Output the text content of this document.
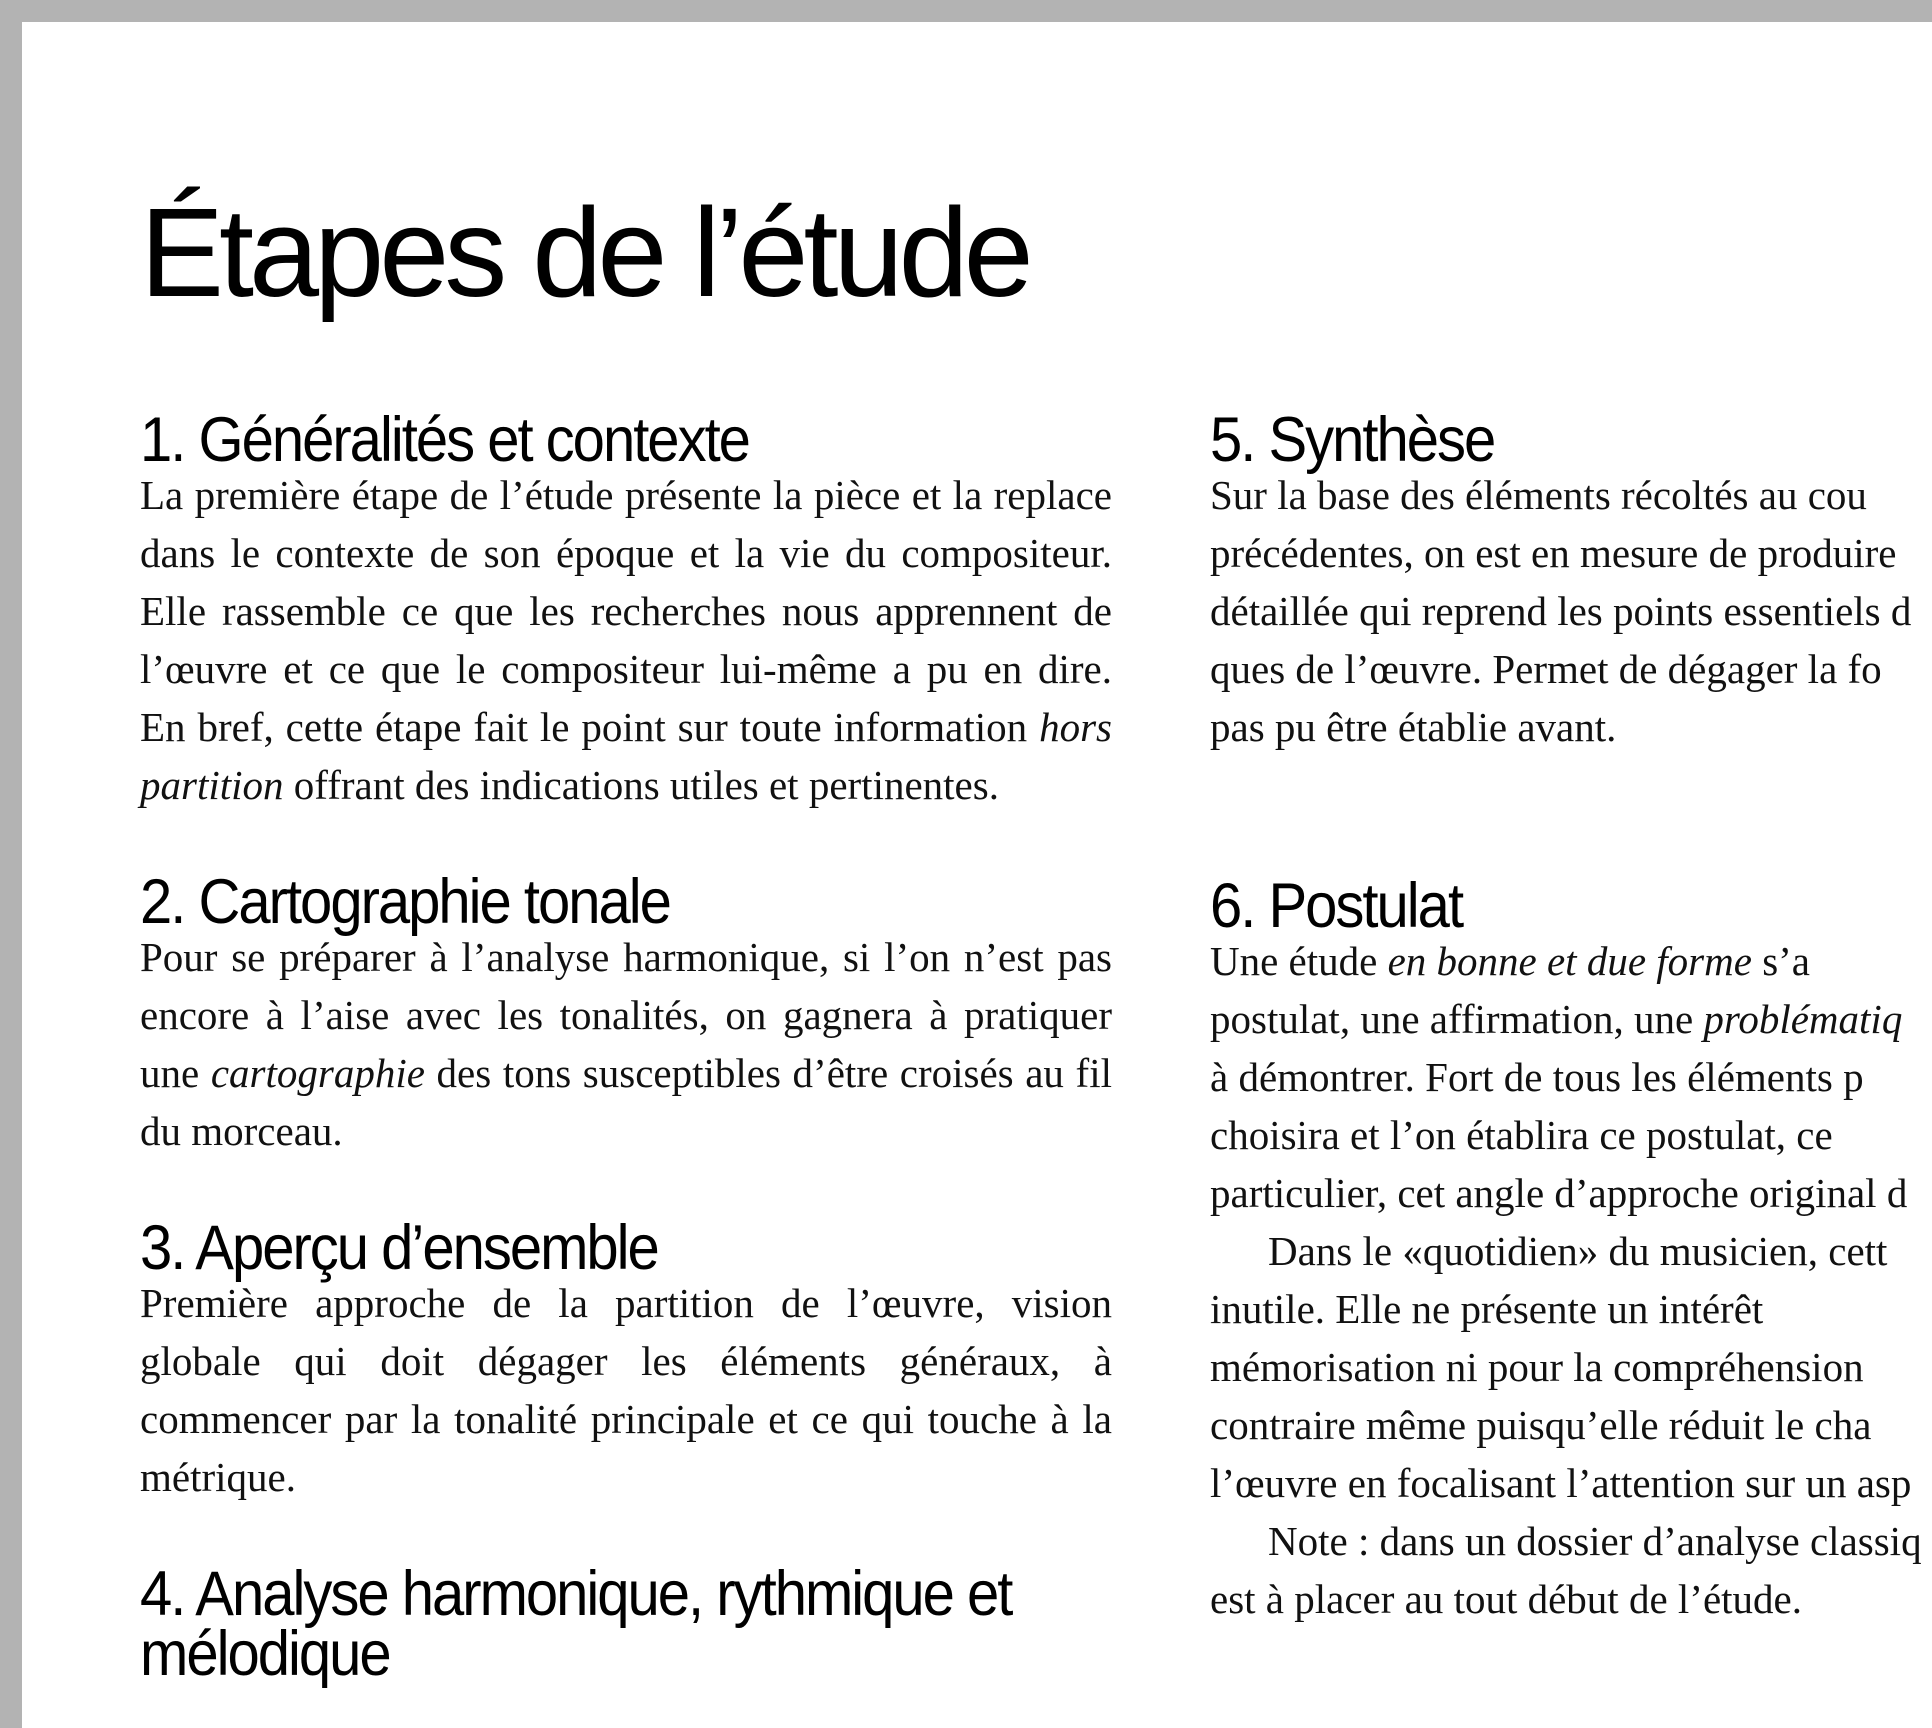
Étapes de l’étude
1. Généralités et contexte

La première étape de l’étude présente la pièce et la replace dans le contexte de son époque et la vie du compositeur. Elle rassemble ce que les recherches nous apprennent de l’œuvre et ce que le compositeur lui-même a pu en dire. En bref, cette étape fait le point sur toute information hors partition offrant des indications utiles et pertinentes.

2. Cartographie tonale

Pour se préparer à l’analyse harmonique, si l’on n’est pas encore à l’aise avec les tonalités, on gagnera à pratiquer une cartographie des tons susceptibles d’être croisés au fil du morceau.

3. Aperçu d’ensemble

Première approche de la partition de l’œuvre, vision globale qui doit dégager les éléments généraux, à commencer par la tonalité principale et ce qui touche à la métrique.

4. Analyse harmonique, rythmique et mélodique
5. Synthèse

Sur la base des éléments récoltés au cou

précédentes, on est en mesure de produire

détaillée qui reprend les points essentiels d

ques de l’œuvre. Permet de dégager la fo

pas pu être établie avant.

6. Postulat

Une étude en bonne et due forme s’a

postulat, une affirmation, une problématiq

à démontrer. Fort de tous les éléments p

choisira et l’on établira ce postulat, ce

particulier, cet angle d’approche original d

Dans le «quotidien» du musicien, cett

inutile. Elle ne présente un intérêt

mémorisation ni pour la compréhension

contraire même puisqu’elle réduit le cha

l’œuvre en focalisant l’attention sur un asp

Note : dans un dossier d’analyse classiq

est à placer au tout début de l’étude.
